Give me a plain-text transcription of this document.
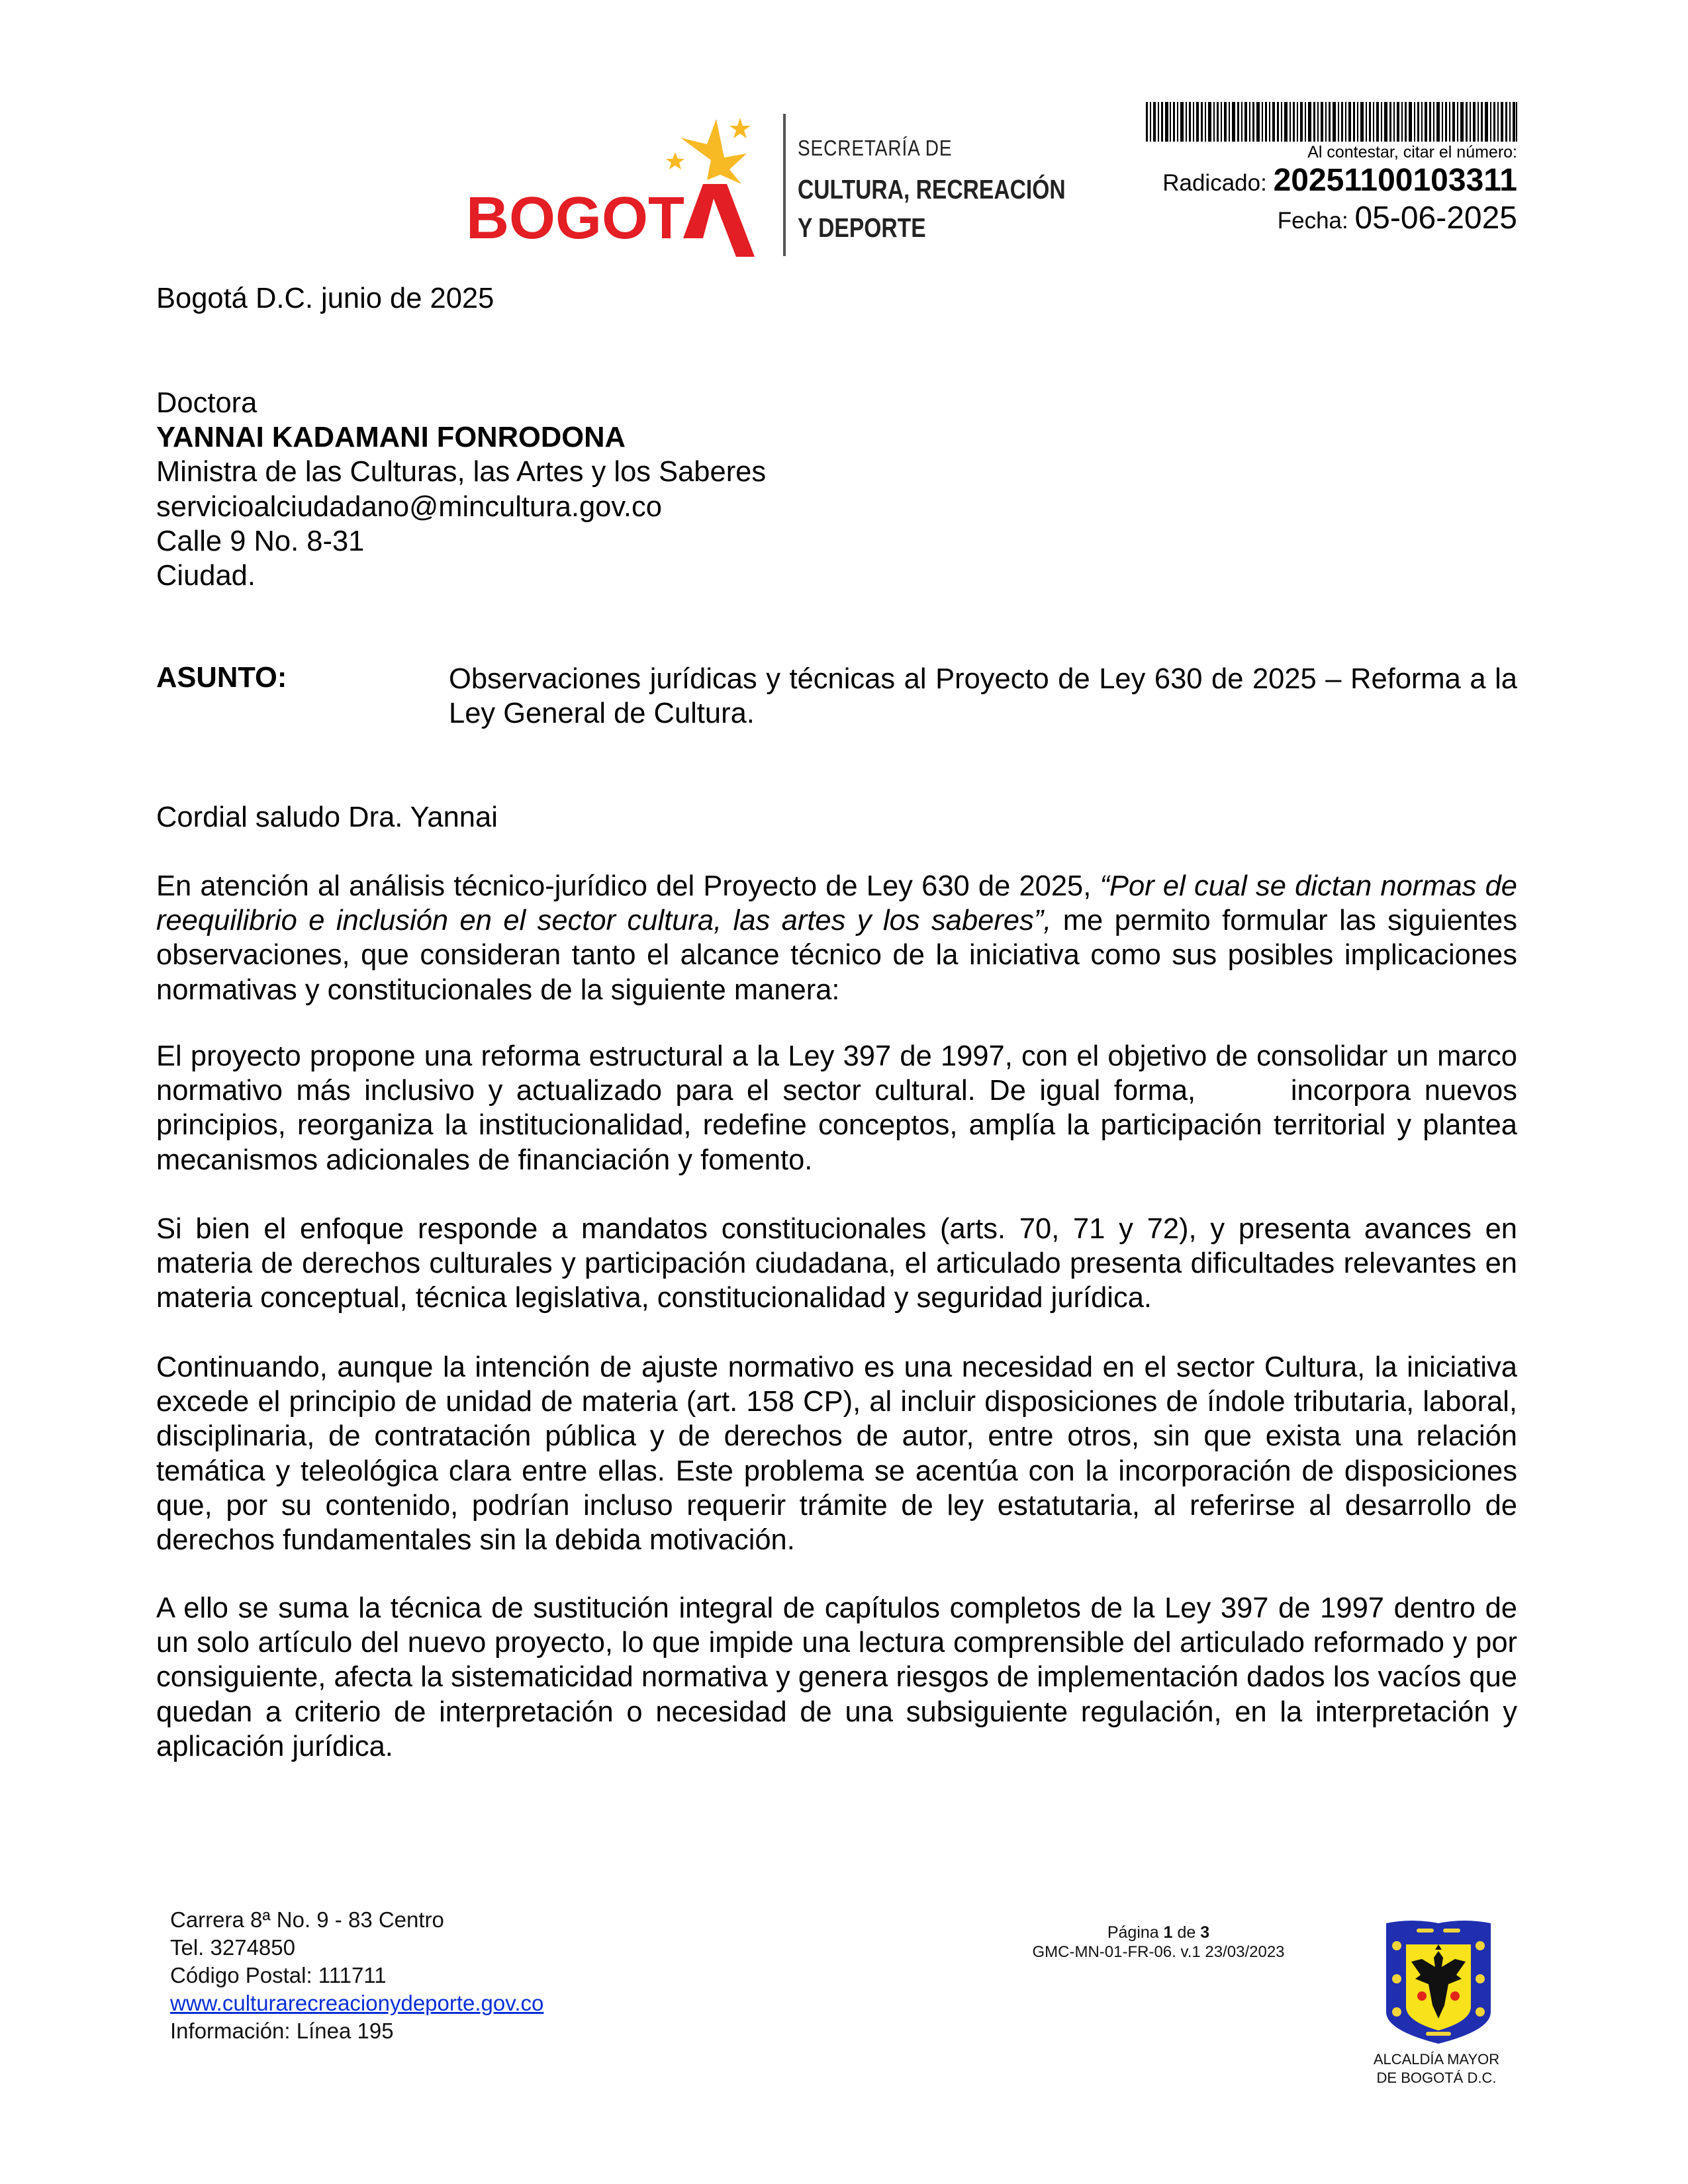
BOGOT
SECRETARÍA DE
CULTURA, RECREACIÓN
Y DEPORTE
Al contestar, citar el número:
Radicado: 20251100103311
Fecha: 05-06-2025
Bogotá D.C. junio de 2025
Doctora
YANNAI KADAMANI FONRODONA
Ministra de las Culturas, las Artes y los Saberes
servicioalciudadano@mincultura.gov.co
Calle 9 No. 8-31
Ciudad.
ASUNTO:	Observaciones jurídicas y técnicas al Proyecto de Ley 630 de 2025 – Reforma a la Ley General de Cultura.
Cordial saludo Dra. Yannai
En atención al análisis técnico-jurídico del Proyecto de Ley 630 de 2025, “Por el cual se dictan normas de reequilibrio e inclusión en el sector cultura, las artes y los saberes”, me permito formular las siguientes observaciones, que consideran tanto el alcance técnico de la iniciativa como sus posibles implicaciones normativas y constitucionales de la siguiente manera:
El proyecto propone una reforma estructural a la Ley 397 de 1997, con el objetivo de consolidar un marco normativo más inclusivo y actualizado para el sector cultural. De igual forma,       incorpora nuevos principios, reorganiza la institucionalidad, redefine conceptos, amplía la participación territorial y plantea mecanismos adicionales de financiación y fomento.
Si bien el enfoque responde a mandatos constitucionales (arts. 70, 71 y 72), y presenta avances en materia de derechos culturales y participación ciudadana, el articulado presenta dificultades relevantes en materia conceptual, técnica legislativa, constitucionalidad y seguridad jurídica.
Continuando, aunque la intención de ajuste normativo es una necesidad en el sector Cultura, la iniciativa excede el principio de unidad de materia (art. 158 CP), al incluir disposiciones de índole tributaria, laboral, disciplinaria, de contratación pública y de derechos de autor, entre otros, sin que exista una relación temática y teleológica clara entre ellas. Este problema se acentúa con la incorporación de disposiciones que, por su contenido, podrían incluso requerir trámite de ley estatutaria, al referirse al desarrollo de derechos fundamentales sin la debida motivación.
A ello se suma la técnica de sustitución integral de capítulos completos de la Ley 397 de 1997 dentro de un solo artículo del nuevo proyecto, lo que impide una lectura comprensible del articulado reformado y por consiguiente, afecta la sistematicidad normativa y genera riesgos de implementación dados los vacíos que quedan a criterio de interpretación o necesidad de una subsiguiente regulación, en la interpretación y aplicación jurídica.
Carrera 8ª No. 9 - 83 Centro
Tel. 3274850
Código Postal: 111711
www.culturarecreacionydeporte.gov.co
Información: Línea 195
Página 1 de 3
GMC-MN-01-FR-06. v.1 23/03/2023
ALCALDÍA MAYOR
DE BOGOTÁ D.C.
